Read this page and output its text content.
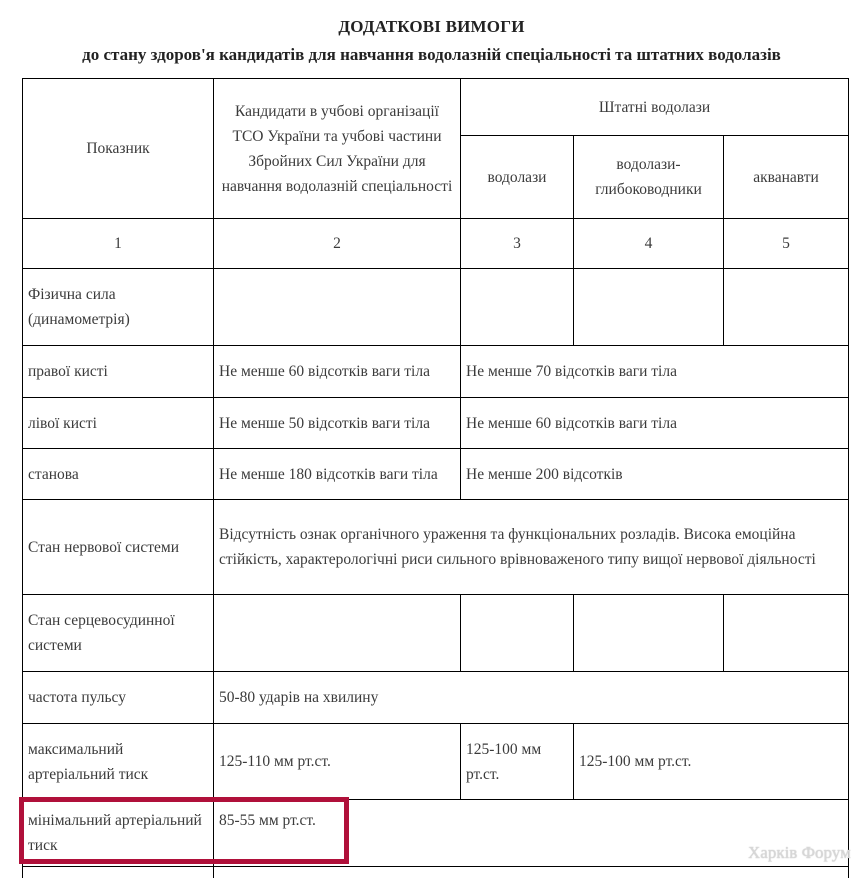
ДОДАТКОВІ ВИМОГИ
до стану здоров'я кандидатів для навчання водолазній спеціальності та штатних водолазів
Показник	Кандидати в учбові організації ТСО України та учбові частини Збройних Сил України для навчання водолазній спеціальності	Штатні водолази		
		водолази	водолази-глибоководники	акванавти
1	2	3	4	5
Фізична сила (динамометрія)				
правої кисті	Не менше 60 відсотків ваги тіла	Не менше 70 відсотків ваги тіла		
лівої кисті	Не менше 50 відсотків ваги тіла	Не менше 60 відсотків ваги тіла		
станова	Не менше 180 відсотків ваги тіла	Не менше 200 відсотків		
Стан нервової системи	Відсутність ознак органічного ураження та функціональних розладів. Висока емоційна стійкість, характерологічні риси сильного врівноваженого типу вищої нервової діяльності			
Стан серцевосудинної системи				
частота пульсу	50-80 ударів на хвилину			
максимальний артеріальний тиск	125-110 мм рт.ст.	125-100 мм рт.ст.	125-100 мм рт.ст.	
мінімальний артеріальний тиск	85-55 мм рт.ст.			

Харків Форум
